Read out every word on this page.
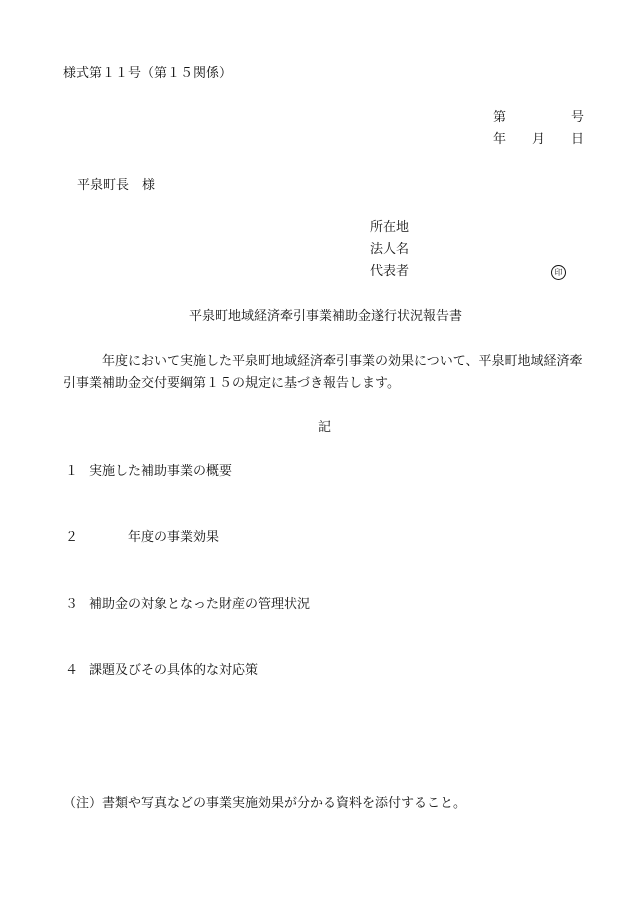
様式第１１号（第１５関係）
第	号
年 月 日
平泉町長　様
所在地
法人名
代表者	印
平泉町地域経済牽引事業補助金遂行状況報告書
年度において実施した平泉町地域経済牽引事業の効果について、平泉町地域経済牽
引事業補助金交付要綱第１５の規定に基づき報告します。
記
１ 実施した補助事業の概要
２	年度の事業効果
３ 補助金の対象となった財産の管理状況
４ 課題及びその具体的な対応策
（注）書類や写真などの事業実施効果が分かる資料を添付すること。
